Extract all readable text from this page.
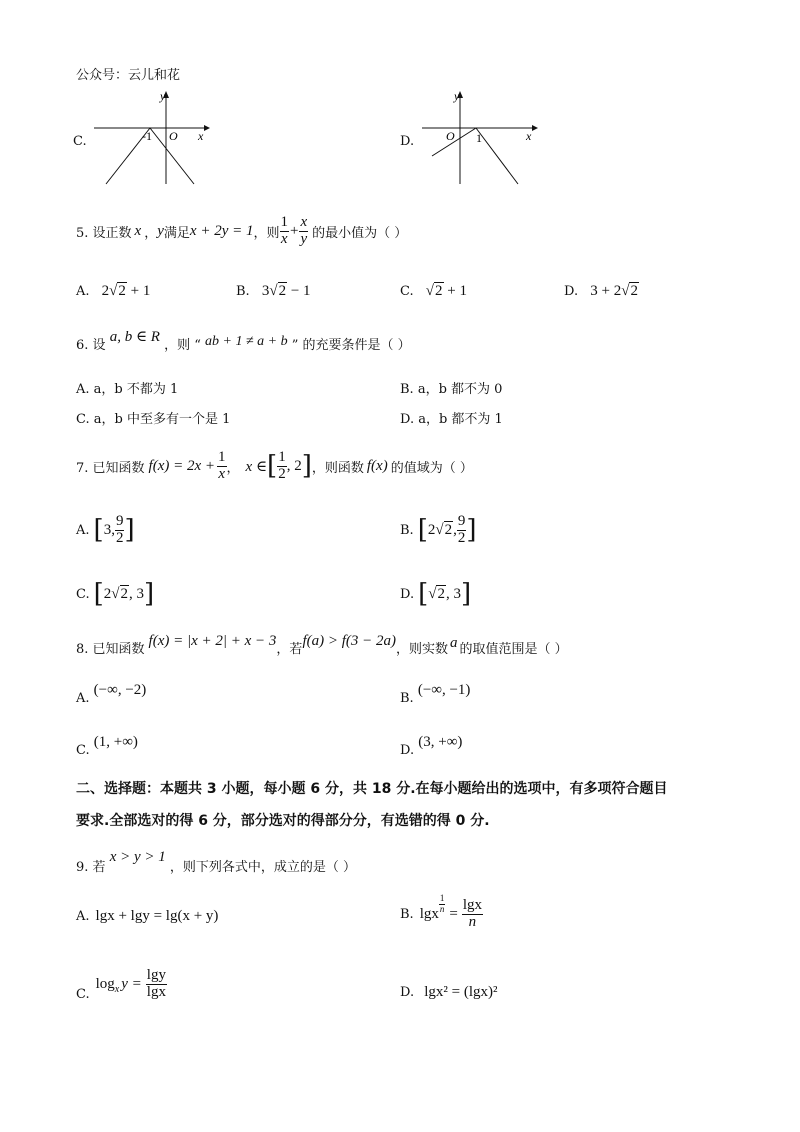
公众号：云儿和花
C.
y
x
O
-1	D.
y
x
O 1
5. 设正数 x ， y 满足 x + 2y = 1 ，则 $\frac{1}{x} + \frac{x}{y}$ 的最小值为（ ）
A. 2√2 + 1	B. 3√2 − 1	C. √2 + 1	D. 3 + 2√2
6. 设 a, b ∈ R ，则 “ ab + 1 ≠ a + b ” 的充要条件是（ ）
A. a，b 不都为 1	B. a，b 都不为 0
C. a，b 中至多有一个是 1	D. a，b 都不为 1
7. 已知函数 $f(x) = 2x + \frac{1}{x}$ ， x ∈ [ $\frac{1}{2}$ , 2 ] ，则函数 f(x) 的值域为（ ）
A. [ 3, $\frac{9}{2}$ ]	B. [ 2√2, $\frac{9}{2}$ ]
C. [ 2√2, 3 ]	D. [ √2, 3 ]
8. 已知函数
f(x) = |x + 2| + x − 3
，若
f(a) > f(3 − 2a)
，则实数 a 的取值范围是（ ）
A. (−∞, −2)
B. (−∞, −1)
C. (1, +∞)
D. (3, +∞)
二、选择题：本题共 3 小题，每小题 6 分，共 18 分.在每小题给出的选项中，有多项符合题目
要求.全部选对的得 6 分，部分选对的得部分分，有选错的得 0 分.
9. 若 x > y > 1 ，则下列各式中，成立的是（ ）
A. lgx + lgy = lg(x + y)	B. lgx $\frac{1}{n} = \frac{\lg x}{n}$
C.
log x $y = \frac{\lg y}{\lg x}$	D. lgx² = (lgx)²
